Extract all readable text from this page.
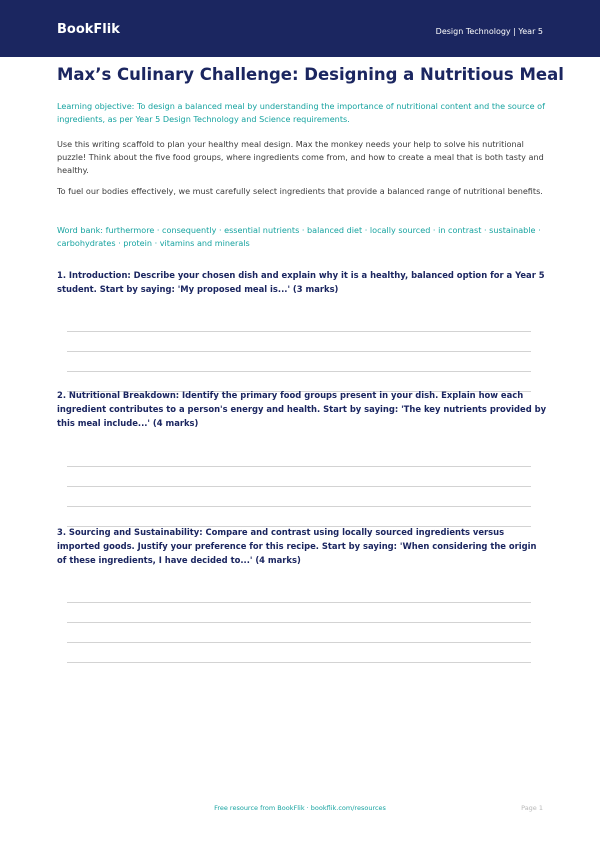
BookFlik	Design Technology | Year 5
Max’s Culinary Challenge: Designing a Nutritious Meal

Learning objective: To design a balanced meal by understanding the importance of nutritional content and the source of ingredients, as per Year 5 Design Technology and Science requirements.

Use this writing scaffold to plan your healthy meal design. Max the monkey needs your help to solve his nutritional puzzle! Think about the five food groups, where ingredients come from, and how to create a meal that is both tasty and healthy.

To fuel our bodies effectively, we must carefully select ingredients that provide a balanced range of nutritional benefits.

Word bank: furthermore · consequently · essential nutrients · balanced diet · locally sourced · in contrast · sustainable · carbohydrates · protein · vitamins and minerals

1. Introduction: Describe your chosen dish and explain why it is a healthy, balanced option for a Year 5 student. Start by saying: 'My proposed meal is...' (3 marks)

2. Nutritional Breakdown: Identify the primary food groups present in your dish. Explain how each ingredient contributes to a person's energy and health. Start by saying: 'The key nutrients provided by this meal include...' (4 marks)

3. Sourcing and Sustainability: Compare and contrast using locally sourced ingredients versus imported goods. Justify your preference for this recipe. Start by saying: 'When considering the origin of these ingredients, I have decided to...' (4 marks)

Free resource from BookFlik · bookflik.com/resources	Page 1
